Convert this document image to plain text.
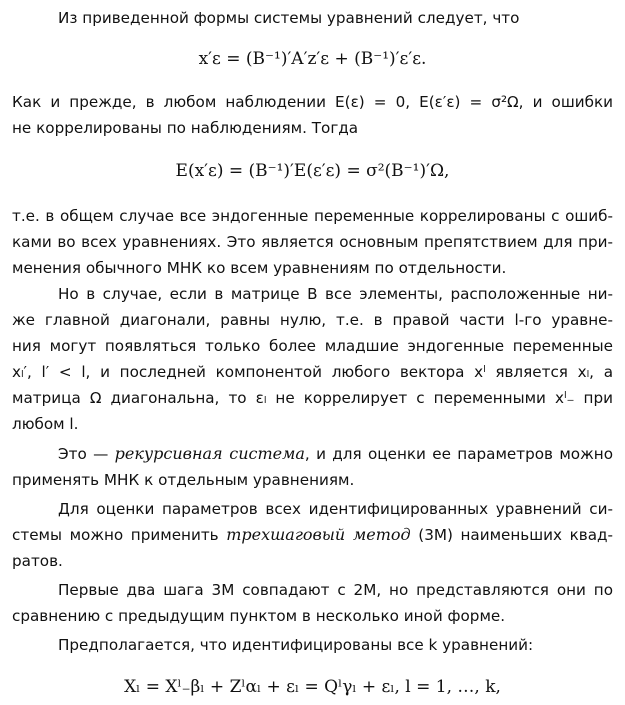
Из приведенной формы системы уравнений следует, что
x′ε = (B⁻¹)′A′z′ε + (B⁻¹)′ε′ε.
Как и прежде, в любом наблюдении E(ε) = 0, E(ε′ε) = σ²Ω, и ошибки
не коррелированы по наблюдениям. Тогда
E(x′ε) = (B⁻¹)′E(ε′ε) = σ²(B⁻¹)′Ω,
т.е. в общем случае все эндогенные переменные коррелированы с ошиб-
ками во всех уравнениях. Это является основным препятствием для при-
менения обычного МНК ко всем уравнениям по отдельности.
Но в случае, если в матрице B все элементы, расположенные ни-
же главной диагонали, равны нулю, т.е. в правой части l-го уравне-
ния могут появляться только более младшие эндогенные переменные
xₗ′, l′ < l, и последней компонентой любого вектора xˡ является xₗ, а
матрица Ω диагональна, то εₗ не коррелирует с переменными xˡ₋ при
любом l.
Это — рекурсивная система, и для оценки ее параметров можно
применять МНК к отдельным уравнениям.
Для оценки параметров всех идентифицированных уравнений си-
стемы можно применить трехшаговый метод (3М) наименьших квад-
ратов.
Первые два шага 3М совпадают с 2М, но представляются они по
сравнению с предыдущим пунктом в несколько иной форме.
Предполагается, что идентифицированы все k уравнений:
Xₗ = Xˡ₋βₗ + Zˡαₗ + εₗ = Qˡγₗ + εₗ, l = 1, …, k,
